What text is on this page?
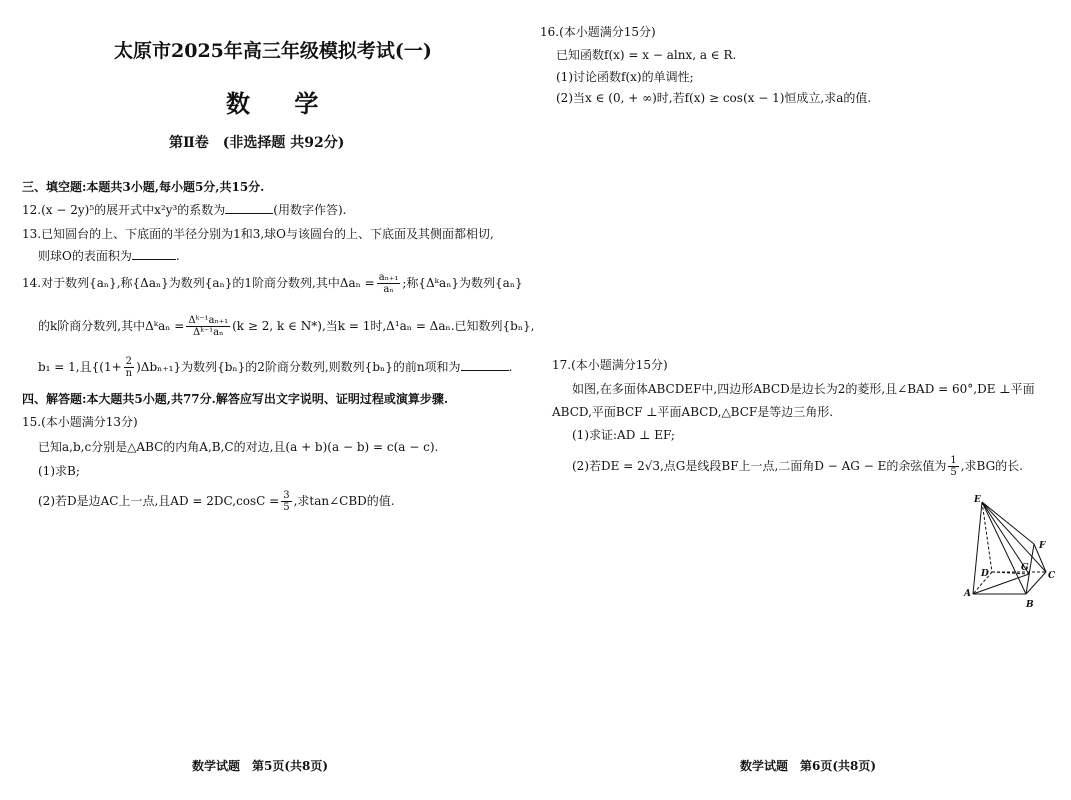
太原市2025年高三年级模拟考试(一)
数 学
第Ⅱ卷　(非选择题 共92分)
三、填空题:本题共3小题,每小题5分,共15分.
12.(x − 2y)⁵的展开式中x²y³的系数为	(用数字作答).
13.已知圆台的上、下底面的半径分别为1和3,球O与该圆台的上、下底面及其侧面都相切,
则球O的表面积为	.
14.对于数列{aₙ},称{Δaₙ}为数列{aₙ}的1阶商分数列,其中$\Delta a_n = \frac{\text{aₙ₊₁}}{\text{aₙ}}$ ;称{Δᵏaₙ}为数列{aₙ}
的k阶商分数列,其中Δᵏaₙ = $\frac{\text{Δᵏ⁻¹aₙ₊₁}}{\text{Δᵏ⁻¹aₙ}} (k \ge 2$, k ∈ N*),当k = 1时,Δ¹aₙ = Δaₙ.已知数列{bₙ},
b₁ = 1,且$\{(1+ \frac{2}{n} )\Delta b_{n+1}\}$为数列{bₙ}的2阶商分数列,则数列{bₙ}的前n项和为	.
四、解答题:本大题共5小题,共77分.解答应写出文字说明、证明过程或演算步骤.
15.(本小题满分13分)
已知a,b,c分别是△ABC的内角A,B,C的对边,且(a + b)(a − b) = c(a − c).
(1)求B;
(2)若D是边AC上一点,且AD = $2DC,\cos C = \frac{3}{5}$ ,求tan∠CBD的值.
数学试题　第5页(共8页)
16.(本小题满分15分)
已知函数f(x) = x − alnx, a ∈ R.
(1)讨论函数f(x)的单调性;
(2)当x ∈ (0, + ∞)时,若f(x) ≥ cos(x − 1)恒成立,求a的值.
17.(本小题满分15分)
如图,在多面体ABCDEF中,四边形ABCD是边长为2的菱形,且∠BAD = 60°,DE ⊥平面
ABCD,平面BCF ⊥平面ABCD,△BCF是等边三角形.
(1)求证:AD ⊥ EF;
(2)若DE = 2√3,点G是线段BF上一点,二面角D − AG − E的余弦值为 $\frac{1}{5}$ ,求BG的长.
E
F
D
G
C
A
B
数学试题　第6页(共8页)
